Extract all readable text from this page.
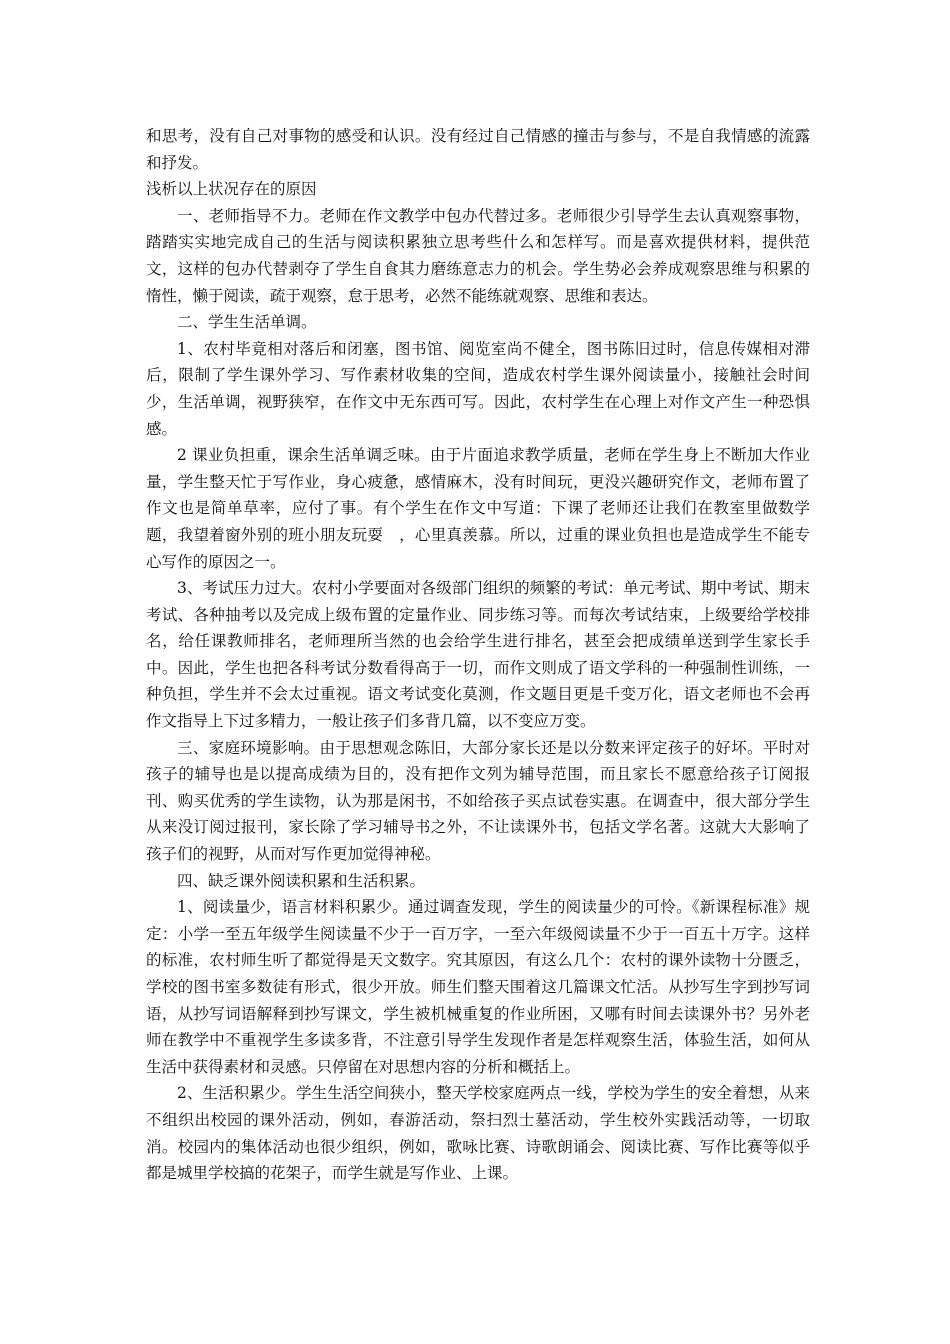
和思考，没有自己对事物的感受和认识。没有经过自己情感的撞击与参与，不是自我情感的流露和抒发。

浅析以上状况存在的原因

一、老师指导不力。老师在作文教学中包办代替过多。老师很少引导学生去认真观察事物，踏踏实实地完成自己的生活与阅读积累独立思考些什么和怎样写。而是喜欢提供材料，提供范文，这样的包办代替剥夺了学生自食其力磨练意志力的机会。学生势必会养成观察思维与积累的惰性，懒于阅读，疏于观察，怠于思考，必然不能练就观察、思维和表达。

二、学生生活单调。

1、农村毕竟相对落后和闭塞，图书馆、阅览室尚不健全，图书陈旧过时，信息传媒相对滞后，限制了学生课外学习、写作素材收集的空间，造成农村学生课外阅读量小，接触社会时间少，生活单调，视野狭窄，在作文中无东西可写。因此，农村学生在心理上对作文产生一种恐惧感。

2 课业负担重，课余生活单调乏味。由于片面追求教学质量，老师在学生身上不断加大作业量，学生整天忙于写作业，身心疲惫，感情麻木，没有时间玩，更没兴趣研究作文，老师布置了作文也是简单草率，应付了事。有个学生在作文中写道：下课了老师还让我们在教室里做数学题，我望着窗外别的班小朋友玩耍　，心里真羡慕。所以，过重的课业负担也是造成学生不能专心写作的原因之一。

3、考试压力过大。农村小学要面对各级部门组织的频繁的考试：单元考试、期中考试、期末考试、各种抽考以及完成上级布置的定量作业、同步练习等。而每次考试结束，上级要给学校排名，给任课教师排名，老师理所当然的也会给学生进行排名，甚至会把成绩单送到学生家长手中。因此，学生也把各科考试分数看得高于一切，而作文则成了语文学科的一种强制性训练，一种负担，学生并不会太过重视。语文考试变化莫测，作文题目更是千变万化，语文老师也不会再作文指导上下过多精力，一般让孩子们多背几篇，以不变应万变。

三、家庭环境影响。由于思想观念陈旧，大部分家长还是以分数来评定孩子的好坏。平时对孩子的辅导也是以提高成绩为目的，没有把作文列为辅导范围，而且家长不愿意给孩子订阅报刊、购买优秀的学生读物，认为那是闲书，不如给孩子买点试卷实惠。在调查中，很大部分学生从来没订阅过报刊，家长除了学习辅导书之外，不让读课外书，包括文学名著。这就大大影响了孩子们的视野，从而对写作更加觉得神秘。

四、缺乏课外阅读积累和生活积累。

1、阅读量少，语言材料积累少。通过调查发现，学生的阅读量少的可怜。《新课程标准》规定：小学一至五年级学生阅读量不少于一百万字，一至六年级阅读量不少于一百五十万字。这样的标准，农村师生听了都觉得是天文数字。究其原因，有这么几个：农村的课外读物十分匮乏，学校的图书室多数徒有形式，很少开放。师生们整天围着这几篇课文忙活。从抄写生字到抄写词语，从抄写词语解释到抄写课文，学生被机械重复的作业所困，又哪有时间去读课外书？另外老师在教学中不重视学生多读多背，不注意引导学生发现作者是怎样观察生活，体验生活，如何从生活中获得素材和灵感。只停留在对思想内容的分析和概括上。

2、生活积累少。学生生活空间狭小，整天学校家庭两点一线，学校为学生的安全着想，从来不组织出校园的课外活动，例如，春游活动，祭扫烈士墓活动，学生校外实践活动等，一切取消。校园内的集体活动也很少组织，例如，歌咏比赛、诗歌朗诵会、阅读比赛、写作比赛等似乎都是城里学校搞的花架子，而学生就是写作业、上课。
